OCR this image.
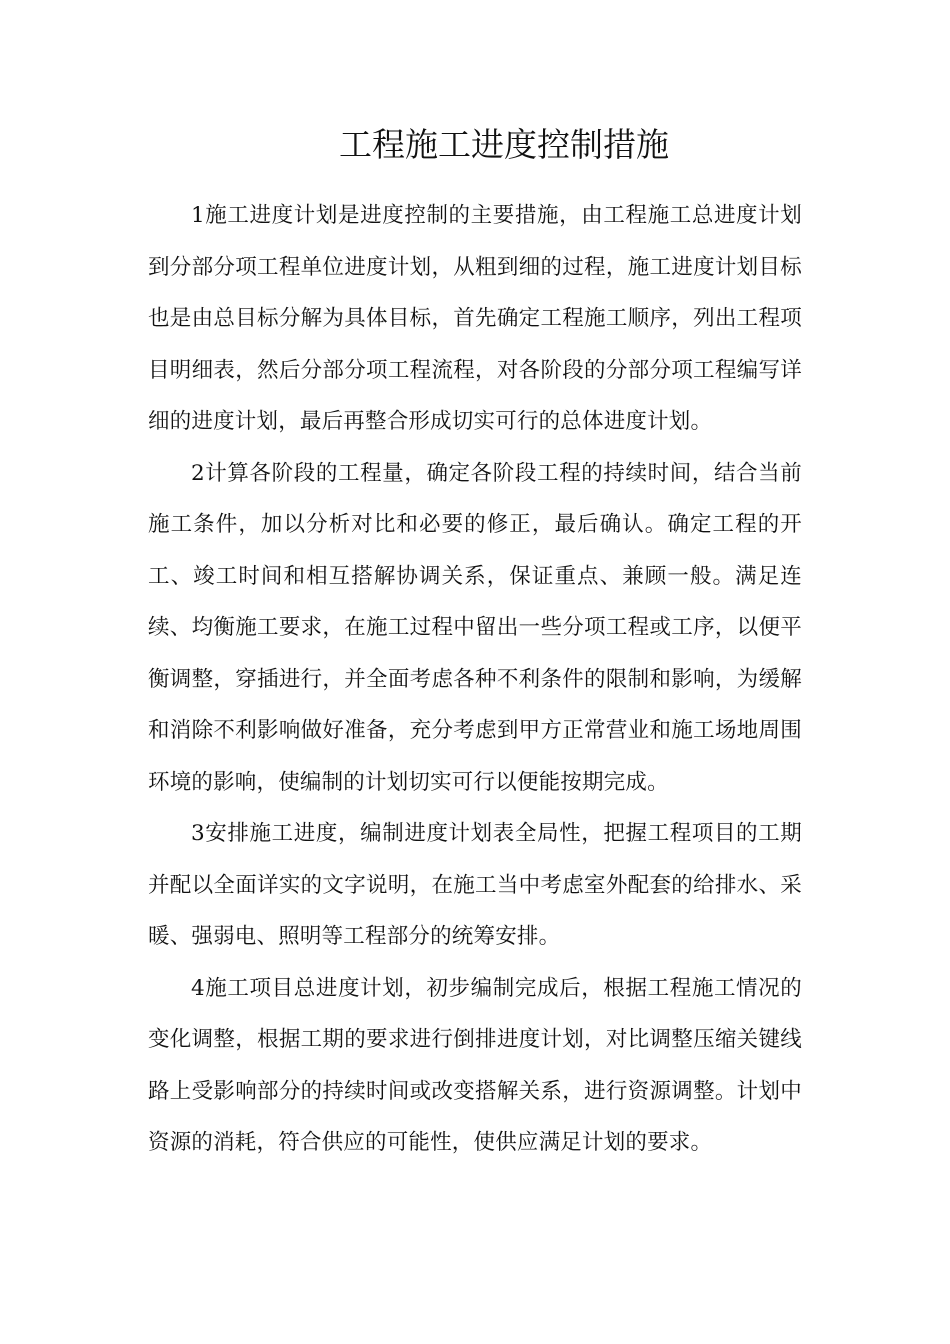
工程施工进度控制措施

1施工进度计划是进度控制的主要措施，由工程施工总进度计划到分部分项工程单位进度计划，从粗到细的过程，施工进度计划目标也是由总目标分解为具体目标，首先确定工程施工顺序，列出工程项目明细表，然后分部分项工程流程，对各阶段的分部分项工程编写详细的进度计划，最后再整合形成切实可行的总体进度计划。

2计算各阶段的工程量，确定各阶段工程的持续时间，结合当前施工条件，加以分析对比和必要的修正，最后确认。确定工程的开工、竣工时间和相互搭解协调关系，保证重点、兼顾一般。满足连续、均衡施工要求，在施工过程中留出一些分项工程或工序，以便平衡调整，穿插进行，并全面考虑各种不利条件的限制和影响，为缓解和消除不利影响做好准备，充分考虑到甲方正常营业和施工场地周围环境的影响，使编制的计划切实可行以便能按期完成。

3安排施工进度，编制进度计划表全局性，把握工程项目的工期并配以全面详实的文字说明，在施工当中考虑室外配套的给排水、采暖、强弱电、照明等工程部分的统筹安排。

4施工项目总进度计划，初步编制完成后，根据工程施工情况的变化调整，根据工期的要求进行倒排进度计划，对比调整压缩关键线路上受影响部分的持续时间或改变搭解关系，进行资源调整。计划中资源的消耗，符合供应的可能性，使供应满足计划的要求。
